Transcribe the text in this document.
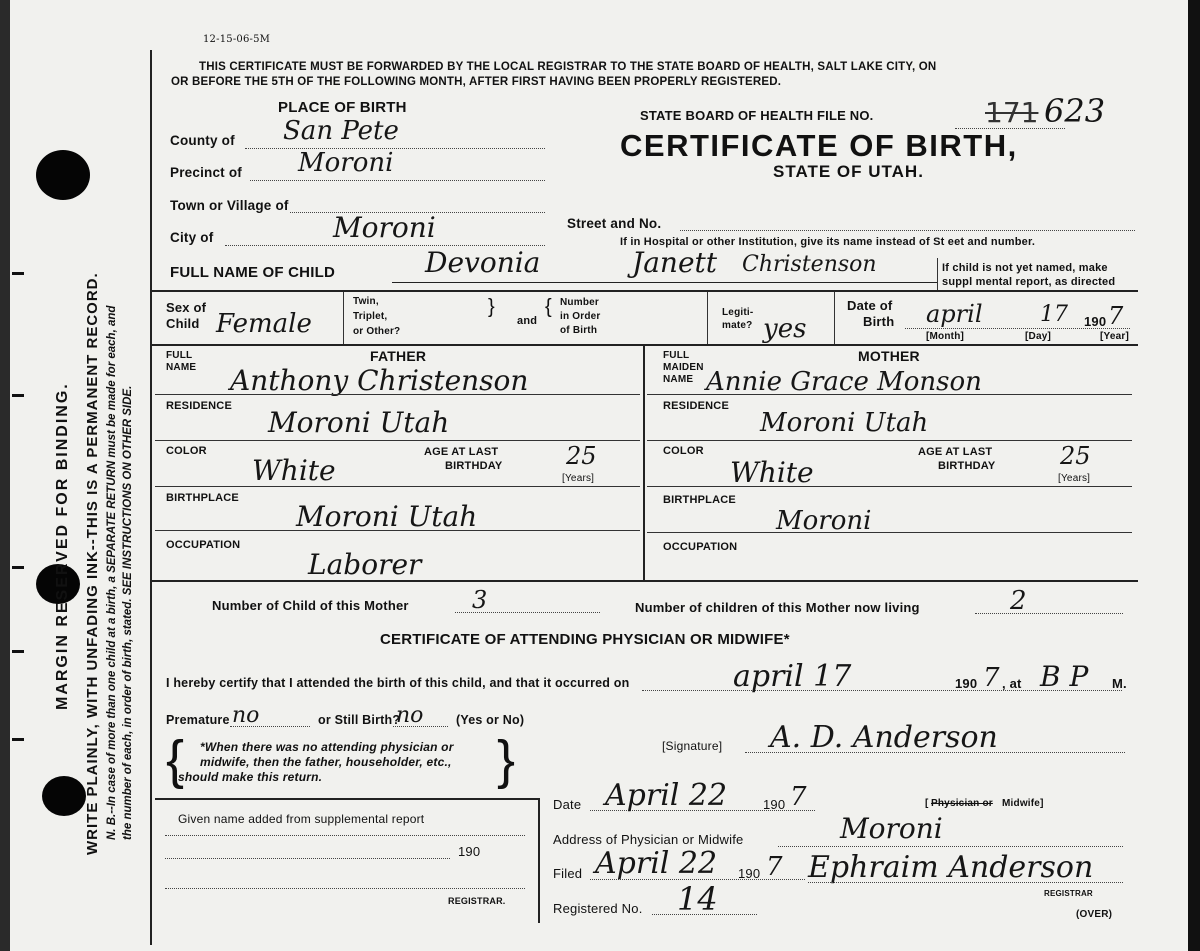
WRITE PLAINLY, WITH UNFADING INK--THIS IS A PERMANENT RECORD.
MARGIN RESERVED FOR BINDING.	N. B.--In case of more than one child at a birth, a SEPARATE RETURN must be made for each, and the number of each, in order of birth, stated. SEE INSTRUCTIONS ON OTHER SIDE.
12-15-06-5M
THIS CERTIFICATE MUST BE FORWARDED BY THE LOCAL REGISTRAR TO THE STATE BOARD OF HEALTH, SALT LAKE CITY, ON
OR BEFORE THE 5TH OF THE FOLLOWING MONTH, AFTER FIRST HAVING BEEN PROPERLY REGISTERED.
STATE BOARD OF HEALTH FILE NO.	171 623
CERTIFICATE OF BIRTH,
STATE OF UTAH.
PLACE OF BIRTH
County of San Pete
Precinct of Moroni
Town or Village of
City of	Moroni	Street and No.
If in Hospital or other Institution, give its name instead of St eet and number.
FULL NAME OF CHILD	Devonia	Janett Christenson	If child is not yet named, make
suppl mental report, as directed
Sex of
Child Female
Twin,
Triplet,
or Other?
}
and
{ Number
in Order
of Birth
Legiti-
mate? yes
Date of
Birth april	17 190 7
[Month]	[Day]	[Year]
FULL
NAME
FATHER
Anthony Christenson
RESIDENCE Moroni Utah
COLOR	AGE AT LAST
BIRTHDAY
White	25
[Years]
BIRTHPLACE
Moroni Utah
OCCUPATION
Laborer
FULL
MAIDEN
NAME
MOTHER
Annie Grace Monson
RESIDENCE
Moroni Utah
COLOR	AGE AT LAST
BIRTHDAY
White	25
[Years]
BIRTHPLACE
Moroni
OCCUPATION
Number of Child of this Mother	3	Number of children of this Mother now living	2
CERTIFICATE OF ATTENDING PHYSICIAN OR MIDWIFE*
I hereby certify that I attended the birth of this child, and that it occurred on	april 17	190 7 , at B P M.
Premature no	or Still Birth?
no	(Yes or No)
{ *When there was no attending physician or
midwife, then the father, householder, etc.,
should make this return.	}	[Signature] A. D. Anderson
Given name added from supplemental report
190
REGISTRAR.
Date April 22	190 7	[ Physician or Midwife]
Address of Physician or Midwife	Moroni
Filed April 22 190 7 Ephraim Anderson
REGISTRAR
Registered No. 14	(OVER)
